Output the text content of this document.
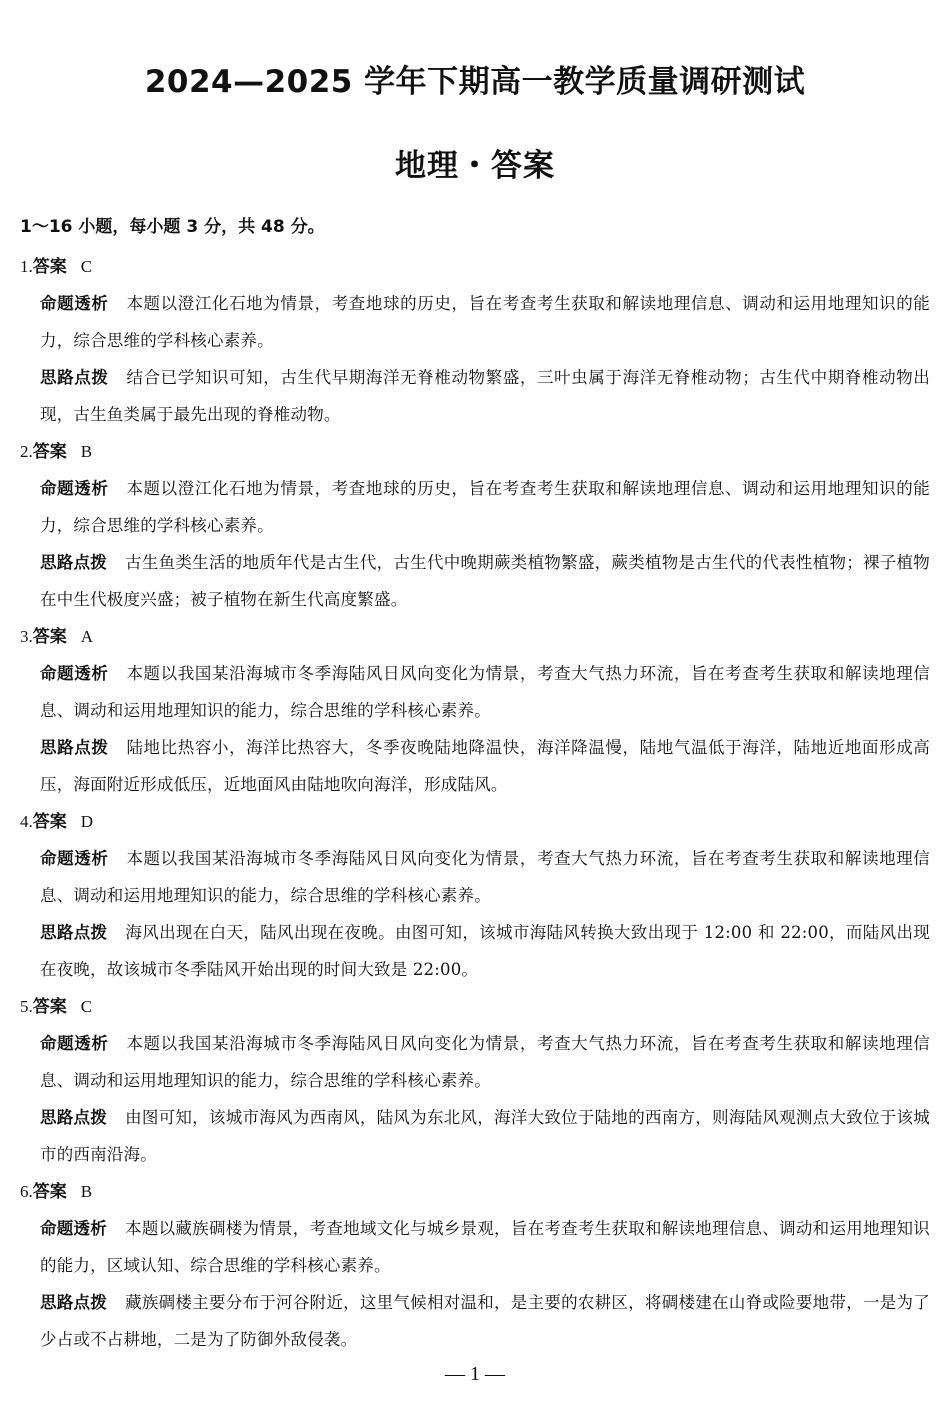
2024—2025 学年下期高一教学质量调研测试
地理・答案
1～16 小题，每小题 3 分，共 48 分。
1.答案 C
命题透析 本题以澄江化石地为情景，考查地球的历史，旨在考查考生获取和解读地理信息、调动和运用地理知识的能力，综合思维的学科核心素养。
思路点拨 结合已学知识可知，古生代早期海洋无脊椎动物繁盛，三叶虫属于海洋无脊椎动物；古生代中期脊椎动物出现，古生鱼类属于最先出现的脊椎动物。
2.答案 B
命题透析 本题以澄江化石地为情景，考查地球的历史，旨在考查考生获取和解读地理信息、调动和运用地理知识的能力，综合思维的学科核心素养。
思路点拨 古生鱼类生活的地质年代是古生代，古生代中晚期蕨类植物繁盛，蕨类植物是古生代的代表性植物；裸子植物在中生代极度兴盛；被子植物在新生代高度繁盛。
3.答案 A
命题透析 本题以我国某沿海城市冬季海陆风日风向变化为情景，考查大气热力环流，旨在考查考生获取和解读地理信息、调动和运用地理知识的能力，综合思维的学科核心素养。
思路点拨 陆地比热容小，海洋比热容大，冬季夜晚陆地降温快，海洋降温慢，陆地气温低于海洋，陆地近地面形成高压，海面附近形成低压，近地面风由陆地吹向海洋，形成陆风。
4.答案 D
命题透析 本题以我国某沿海城市冬季海陆风日风向变化为情景，考查大气热力环流，旨在考查考生获取和解读地理信息、调动和运用地理知识的能力，综合思维的学科核心素养。
思路点拨 海风出现在白天，陆风出现在夜晚。由图可知，该城市海陆风转换大致出现于 12:00 和 22:00，而陆风出现在夜晚，故该城市冬季陆风开始出现的时间大致是 22:00。
5.答案 C
命题透析 本题以我国某沿海城市冬季海陆风日风向变化为情景，考查大气热力环流，旨在考查考生获取和解读地理信息、调动和运用地理知识的能力，综合思维的学科核心素养。
思路点拨 由图可知，该城市海风为西南风，陆风为东北风，海洋大致位于陆地的西南方，则海陆风观测点大致位于该城市的西南沿海。
6.答案 B
命题透析 本题以藏族碉楼为情景，考查地域文化与城乡景观，旨在考查考生获取和解读地理信息、调动和运用地理知识的能力，区域认知、综合思维的学科核心素养。
思路点拨 藏族碉楼主要分布于河谷附近，这里气候相对温和，是主要的农耕区，将碉楼建在山脊或险要地带，一是为了少占或不占耕地，二是为了防御外敌侵袭。
— 1 —
